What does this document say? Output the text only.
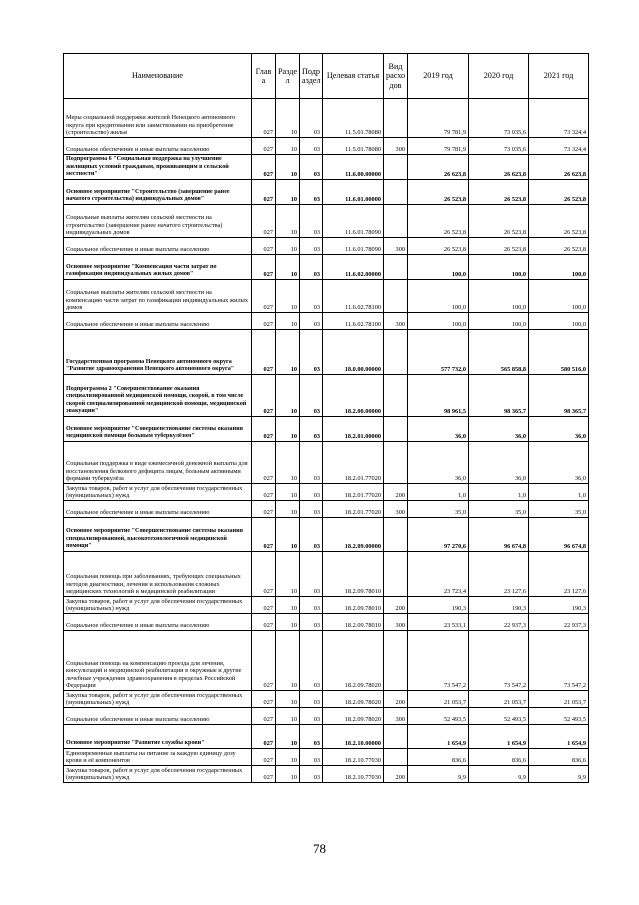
Наименование	Глав а	Разде л	Подр аздел	Целевая статья	Вид расхо дов	2019 год	2020 год	2021 год
Меры социальной поддержки жителей Ненецкого автономного округа при кредитовании или заимствовании на приобретение (строительство) жилья	027	10	03	11.5.01.78080		79 781,9	73 035,6	73 324,4
Социальное обеспечение и иные выплаты населению	027	10	03	11.5.01.78080	300	79 781,9	73 035,6	73 324,4
Подпрограмма 6 "Социальная поддержка на улучшение жилищных условий гражданам, проживающим в сельской местности"	027	10	03	11.6.00.00000		26 623,8	26 623,8	26 623,8
Основное мероприятие "Строительство (завершение ранее начатого строительства) индивидуальных домов"	027	10	03	11.6.01.00000		26 523,8	26 523,8	26 523,8
Социальные выплаты жителям сельской местности на строительство (завершение ранее начатого строительства) индивидуальных домов	027	10	03	11.6.01.78090		26 523,8	26 523,8	26 523,8
Социальное обеспечение и иные выплаты населению	027	10	03	11.6.01.78090	300	26 523,8	26 523,8	26 523,8
Основное мероприятие "Компенсация части затрат по газификации индивидуальных жилых домов"	027	10	03	11.6.02.00000		100,0	100,0	100,0
Социальные выплаты жителям сельской местности на компенсацию части затрат по газификации индивидуальных жилых домов	027	10	03	11.6.02.78100		100,0	100,0	100,0
Социальное обеспечение и иные выплаты населению	027	10	03	11.6.02.78100	300	100,0	100,0	100,0
Государственная программа Ненецкого автономного округа "Развитие здравоохранения Ненецкого автономного округа"	027	10	03	18.0.00.00000		577 732,0	565 858,8	580 516,0
Подпрограмма 2 "Совершенствование оказания специализированной медицинской помощи, скорой, в том числе скорой специализированной медицинской помощи, медицинской эвакуации"	027	10	03	18.2.00.00000		98 961,5	98 365,7	98 365,7
Основное мероприятие "Совершенствование системы оказания медицинской помощи больным туберкулёзом"	027	10	03	18.2.01.00000		36,0	36,0	36,0
Социальная поддержка в виде ежемесячной денежной выплаты для восстановления белкового дефицита лицам, больным активными формами туберкулёза	027	10	03	18.2.01.77020		36,0	36,0	36,0
Закупка товаров, работ и услуг для обеспечения государственных (муниципальных) нужд	027	10	03	18.2.01.77020	200	1,0	1,0	1,0
Социальное обеспечение и иные выплаты населению	027	10	03	18.2.01.77020	300	35,0	35,0	35,0
Основное мероприятие "Совершенствование системы оказания специализированной, высокотехнологичной медицинской помощи"	027	10	03	18.2.09.00000		97 270,6	96 674,8	96 674,8
Социальная помощь при заболеваниях, требующих специальных методов диагностики, лечения и использования сложных медицинских технологий и медицинской реабилитации	027	10	03	18.2.09.78010		23 723,4	23 127,6	23 127,6
Закупка товаров, работ и услуг для обеспечения государственных (муниципальных) нужд	027	10	03	18.2.09.78010	200	190,3	190,3	190,3
Социальное обеспечение и иные выплаты населению	027	10	03	18.2.09.78010	300	23 533,1	22 937,3	22 937,3
Социальная помощь на компенсацию проезда для лечения, консультаций и медицинской реабилитации в окружные и другие лечебные учреждения здравоохранения в пределах Российской Федерации	027	10	03	18.2.09.78020		73 547,2	73 547,2	73 547,2
Закупка товаров, работ и услуг для обеспечения государственных (муниципальных) нужд	027	10	03	18.2.09.78020	200	21 053,7	21 053,7	21 053,7
Социальное обеспечение и иные выплаты населению	027	10	03	18.2.09.78020	300	52 493,5	52 493,5	52 493,5
Основное мероприятие "Развитие службы крови"	027	10	03	18.2.10.00000		1 654,9	1 654,9	1 654,9
Единовременные выплаты на питание за каждую единицу дозу крови и её компонентов	027	10	03	18.2.10.77030		836,6	836,6	836,6
Закупка товаров, работ и услуг для обеспечения государственных (муниципальных) нужд	027	10	03	18.2.10.77030	200	9,9	9,9	9,9
78
